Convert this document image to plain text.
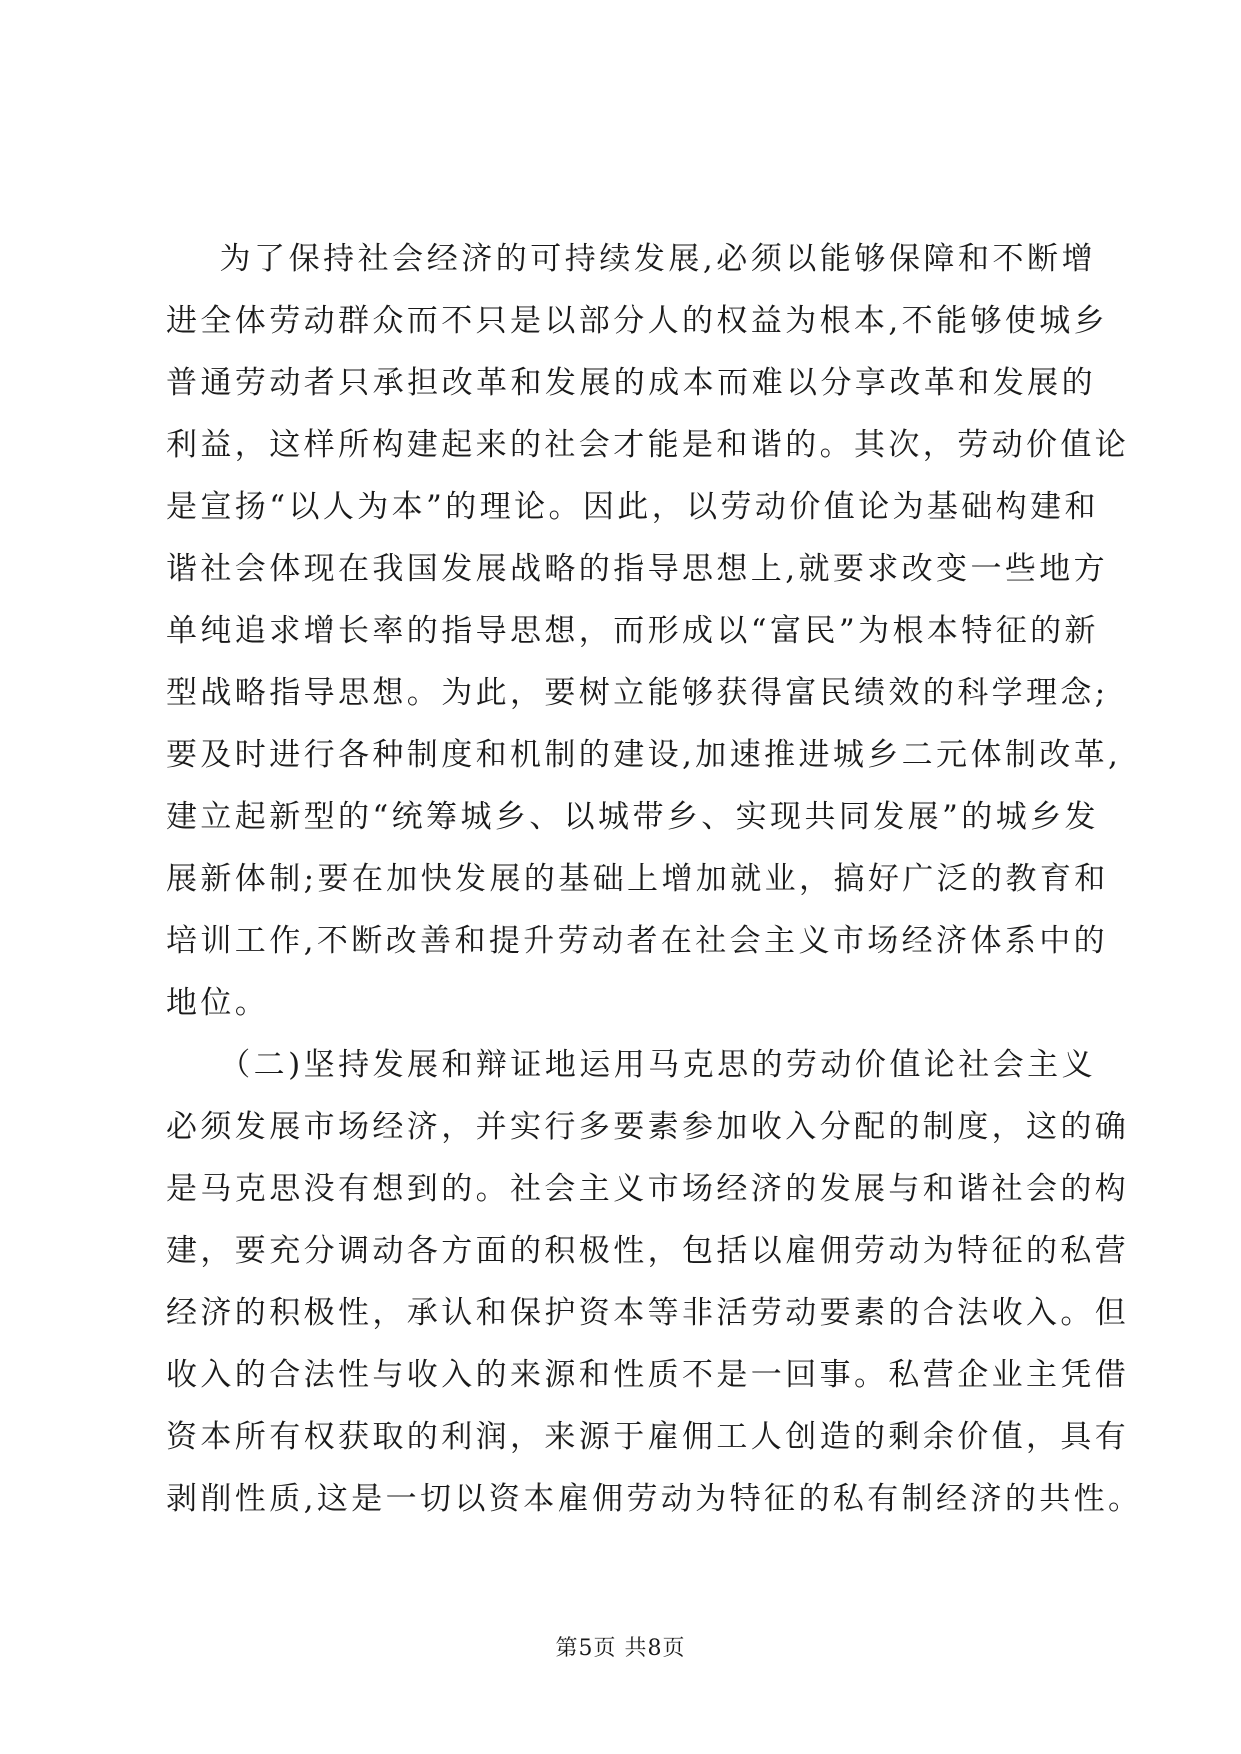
为了保持社会经济的可持续发展,必须以能够保障和不断增
进全体劳动群众而不只是以部分人的权益为根本,不能够使城乡
普通劳动者只承担改革和发展的成本而难以分享改革和发展的
利益，这样所构建起来的社会才能是和谐的。其次，劳动价值论
是宣扬“以人为本”的理论。因此，以劳动价值论为基础构建和
谐社会体现在我国发展战略的指导思想上,就要求改变一些地方
单纯追求增长率的指导思想，而形成以“富民”为根本特征的新
型战略指导思想。为此，要树立能够获得富民绩效的科学理念;
要及时进行各种制度和机制的建设,加速推进城乡二元体制改革,
建立起新型的“统筹城乡、以城带乡、实现共同发展”的城乡发
展新体制;要在加快发展的基础上增加就业，搞好广泛的教育和
培训工作,不断改善和提升劳动者在社会主义市场经济体系中的
地位。
（二)坚持发展和辩证地运用马克思的劳动价值论社会主义
必须发展市场经济，并实行多要素参加收入分配的制度，这的确
是马克思没有想到的。社会主义市场经济的发展与和谐社会的构
建，要充分调动各方面的积极性，包括以雇佣劳动为特征的私营
经济的积极性，承认和保护资本等非活劳动要素的合法收入。但
收入的合法性与收入的来源和性质不是一回事。私营企业主凭借
资本所有权获取的利润，来源于雇佣工人创造的剩余价值，具有
剥削性质,这是一切以资本雇佣劳动为特征的私有制经济的共性。
第5页 共8页
